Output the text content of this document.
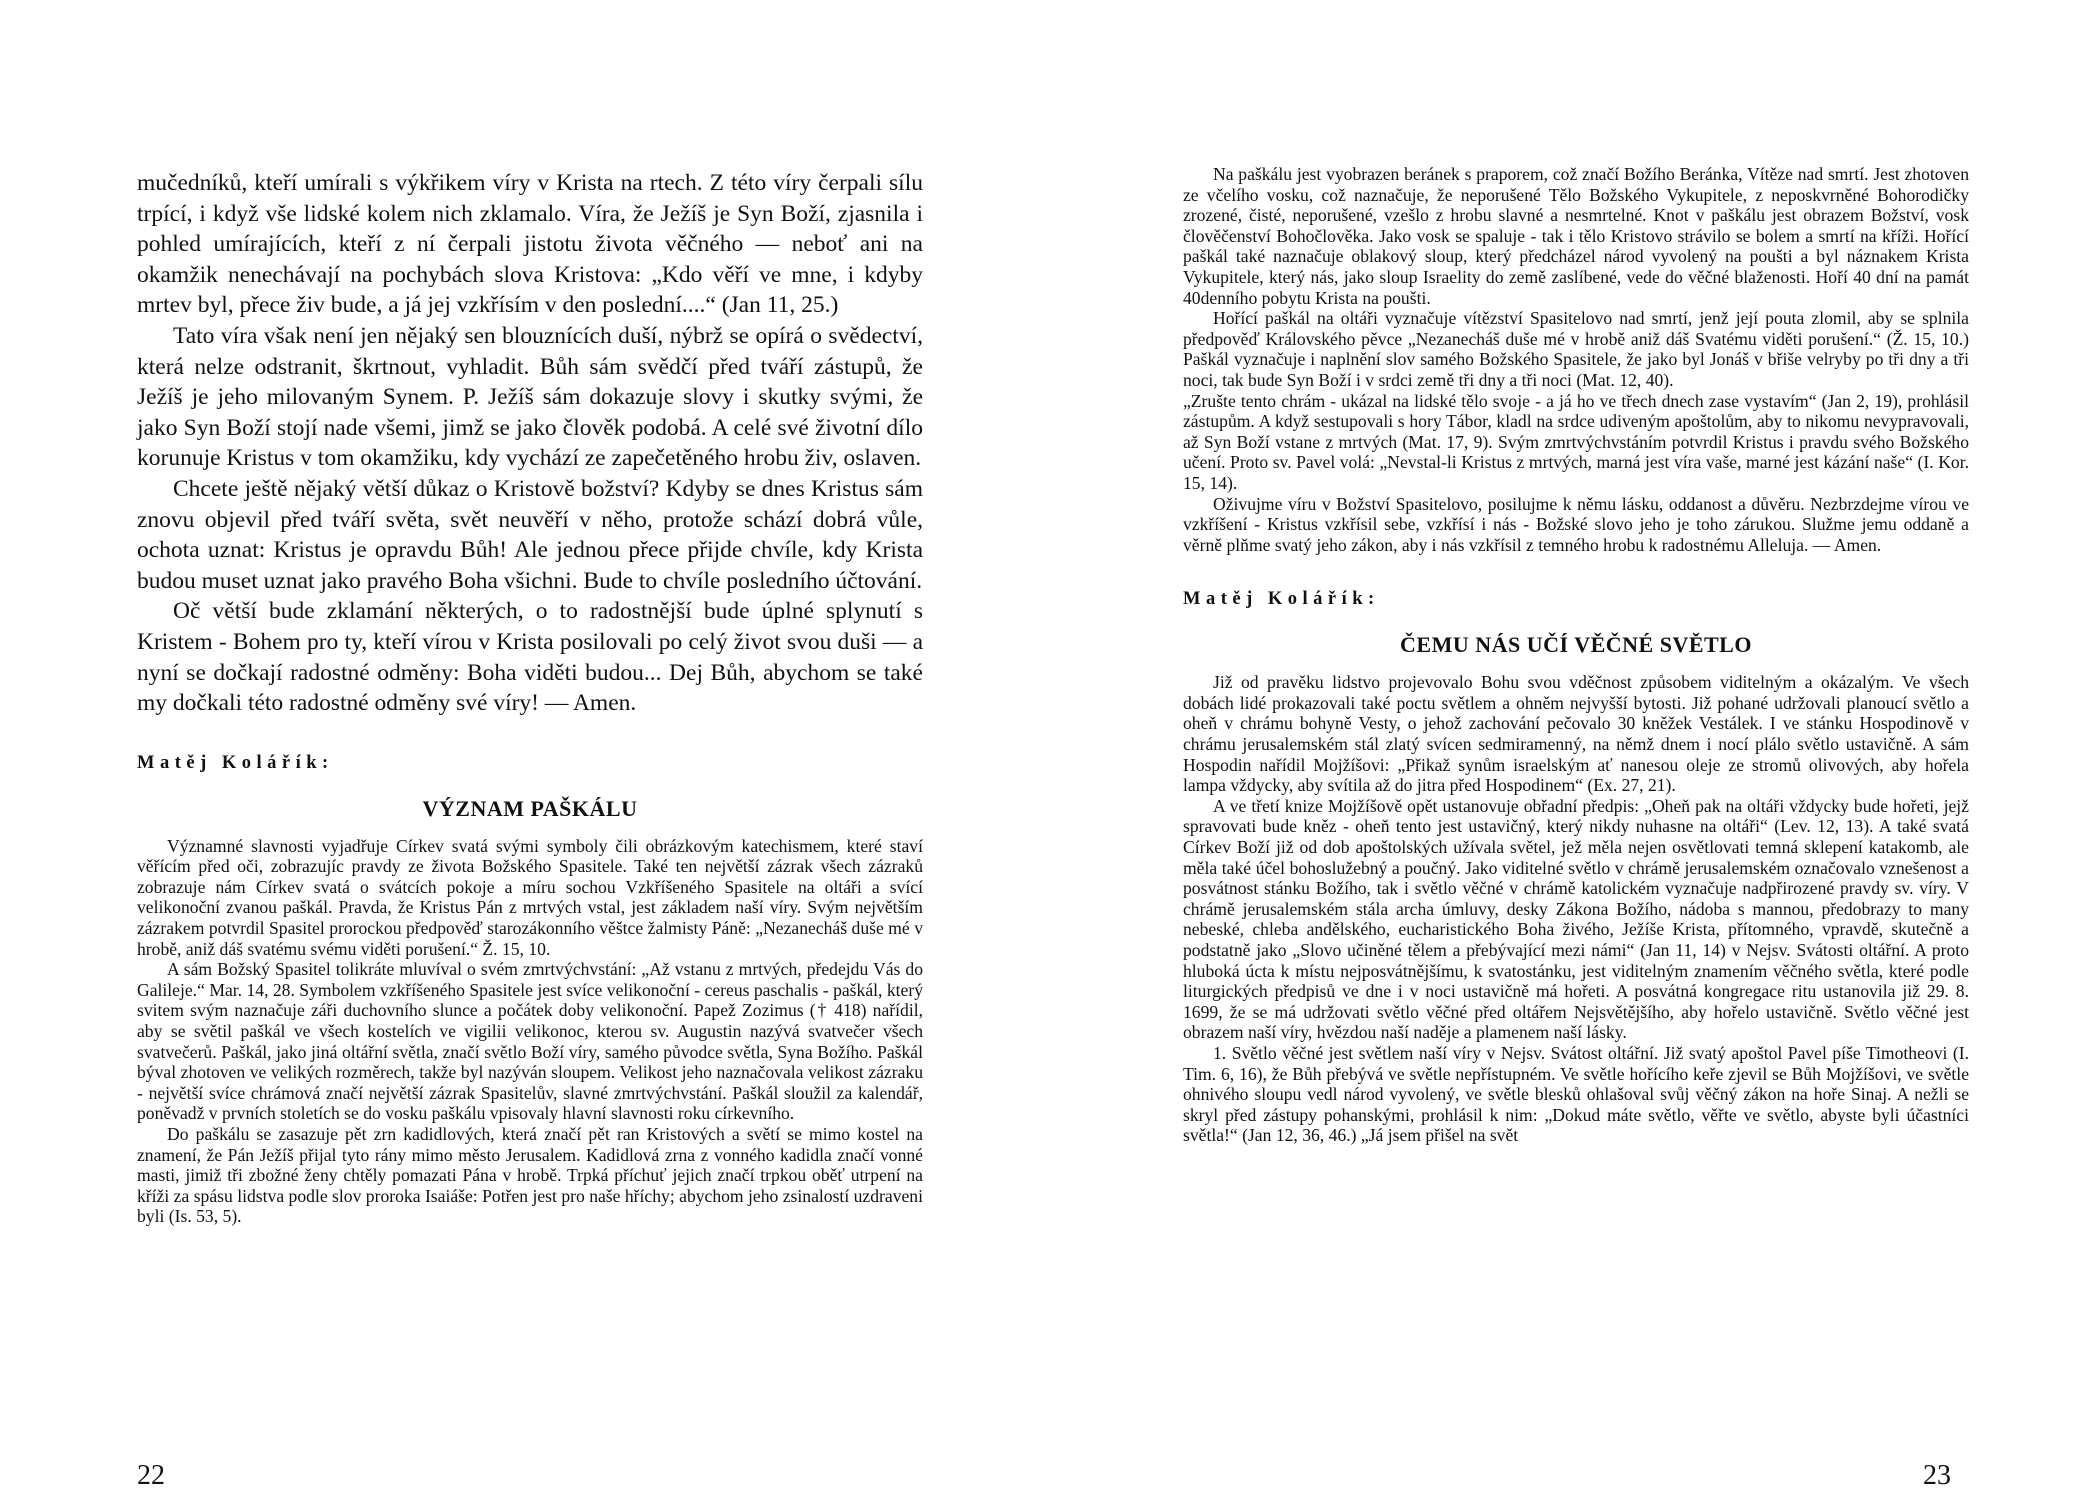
mučedníků, kteří umírali s výkřikem víry v Krista na rtech. Z této víry čerpali sílu trpící, i když vše lidské kolem nich zklamalo. Víra, že Ježíš je Syn Boží, zjasnila i pohled umírajících, kteří z ní čerpali jistotu života věčného — neboť ani na okamžik nenechávají na pochybách slova Kristova: „Kdo věří ve mne, i kdyby mrtev byl, přece živ bude, a já jej vzkřísím v den poslední....“ (Jan 11, 25.)

Tato víra však není jen nějaký sen blouznících duší, nýbrž se opírá o svědectví, která nelze odstranit, škrtnout, vyhladit. Bůh sám svědčí před tváří zástupů, že Ježíš je jeho milovaným Synem. P. Ježíš sám dokazuje slovy i skutky svými, že jako Syn Boží stojí nade všemi, jimž se jako člověk podobá. A celé své životní dílo korunuje Kristus v tom okamžiku, kdy vychází ze zapečetěného hrobu živ, oslaven.

Chcete ještě nějaký větší důkaz o Kristově božství? Kdyby se dnes Kristus sám znovu objevil před tváří světa, svět neuvěří v něho, protože schází dobrá vůle, ochota uznat: Kristus je opravdu Bůh! Ale jednou přece přijde chvíle, kdy Krista budou muset uznat jako pravého Boha všichni. Bude to chvíle posledního účtování.

Oč větší bude zklamání některých, o to radostnější bude úplné splynutí s Kristem - Bohem pro ty, kteří vírou v Krista posilovali po celý život svou duši — a nyní se dočkají radostné odměny: Boha viděti budou... Dej Bůh, abychom se také my dočkali této radostné odměny své víry! — Amen.

Matěj Kolářík:
VÝZNAM PAŠKÁLU

Významné slavnosti vyjadřuje Církev svatá svými symboly čili obrázkovým katechismem, které staví věřícím před oči, zobrazujíc pravdy ze života Božského Spasitele. Také ten největší zázrak všech zázraků zobrazuje nám Církev svatá o svátcích pokoje a míru sochou Vzkříšeného Spasitele na oltáři a svící velikonoční zvanou paškál. Pravda, že Kristus Pán z mrtvých vstal, jest základem naší víry. Svým největším zázrakem potvrdil Spasitel prorockou předpověď starozákonního věštce žalmisty Páně: „Nezanecháš duše mé v hrobě, aniž dáš svatému svému viděti porušení.“ Ž. 15, 10.

A sám Božský Spasitel tolikráte mluvíval o svém zmrtvýchvstání: „Až vstanu z mrtvých, předejdu Vás do Galileje.“ Mar. 14, 28. Symbolem vzkříšeného Spasitele jest svíce velikonoční - cereus paschalis - paškál, který svitem svým naznačuje záři duchovního slunce a počátek doby velikonoční. Papež Zozimus († 418) nařídil, aby se světil paškál ve všech kostelích ve vigilii velikonoc, kterou sv. Augustin nazývá svatvečer všech svatvečerů. Paškál, jako jiná oltářní světla, značí světlo Boží víry, samého původce světla, Syna Božího. Paškál býval zhotoven ve velikých rozměrech, takže byl nazýván sloupem. Velikost jeho naznačovala velikost zázraku - největší svíce chrámová značí největší zázrak Spasitelův, slavné zmrtvýchvstání. Paškál sloužil za kalendář, poněvadž v prvních stoletích se do vosku paškálu vpisovaly hlavní slavnosti roku církevního.

Do paškálu se zasazuje pět zrn kadidlových, která značí pět ran Kristových a světí se mimo kostel na znamení, že Pán Ježíš přijal tyto rány mimo město Jerusalem. Kadidlová zrna z vonného kadidla značí vonné masti, jimiž tři zbožné ženy chtěly pomazati Pána v hrobě. Trpká příchuť jejich značí trpkou oběť utrpení na kříži za spásu lidstva podle slov proroka Isaiáše: Potřen jest pro naše hříchy; abychom jeho zsinalostí uzdraveni byli (Is. 53, 5).

22

Na paškálu jest vyobrazen beránek s praporem, což značí Božího Beránka, Vítěze nad smrtí. Jest zhotoven ze včelího vosku, což naznačuje, že neporušené Tělo Božského Vykupitele, z neposkvrněné Bohorodičky zrozené, čisté, neporušené, vzešlo z hrobu slavné a nesmrtelné. Knot v paškálu jest obrazem Božství, vosk člověčenství Bohočlověka. Jako vosk se spaluje - tak i tělo Kristovo strávilo se bolem a smrtí na kříži. Hořící paškál také naznačuje oblakový sloup, který předcházel národ vyvolený na poušti a byl náznakem Krista Vykupitele, který nás, jako sloup Israelity do země zaslíbené, vede do věčné blaženosti. Hoří 40 dní na památ 40denního pobytu Krista na poušti.

Hořící paškál na oltáři vyznačuje vítězství Spasitelovo nad smrtí, jenž její pouta zlomil, aby se splnila předpověď Královského pěvce „Nezanecháš duše mé v hrobě aniž dáš Svatému viděti porušení.“ (Ž. 15, 10.) Paškál vyznačuje i naplnění slov samého Božského Spasitele, že jako byl Jonáš v břiše velryby po tři dny a tři noci, tak bude Syn Boží i v srdci země tři dny a tři noci (Mat. 12, 40).

„Zrušte tento chrám - ukázal na lidské tělo svoje - a já ho ve třech dnech zase vystavím“ (Jan 2, 19), prohlásil zástupům. A když sestupovali s hory Tábor, kladl na srdce udiveným apoštolům, aby to nikomu nevypravovali, až Syn Boží vstane z mrtvých (Mat. 17, 9). Svým zmrtvýchvstáním potvrdil Kristus i pravdu svého Božského učení. Proto sv. Pavel volá: „Nevstal-li Kristus z mrtvých, marná jest víra vaše, marné jest kázání naše“ (I. Kor. 15, 14).

Oživujme víru v Božství Spasitelovo, posilujme k němu lásku, oddanost a důvěru. Nezbrzdejme vírou ve vzkříšení - Kristus vzkřísil sebe, vzkřísí i nás - Božské slovo jeho je toho zárukou. Služme jemu oddaně a věrně plňme svatý jeho zákon, aby i nás vzkřísil z temného hrobu k radostnému Alleluja. — Amen.

Matěj Kolářík:
ČEMU NÁS UČÍ VĚČNÉ SVĚTLO

Již od pravěku lidstvo projevovalo Bohu svou vděčnost způsobem viditelným a okázalým. Ve všech dobách lidé prokazovali také poctu světlem a ohněm nejvyšší bytosti. Již pohané udržovali planoucí světlo a oheň v chrámu bohyně Vesty, o jehož zachování pečovalo 30 kněžek Vestálek. I ve stánku Hospodinově v chrámu jerusalemském stál zlatý svícen sedmiramenný, na němž dnem i nocí plálo světlo ustavičně. A sám Hospodin nařídil Mojžíšovi: „Přikaž synům israelským ať nanesou oleje ze stromů olivových, aby hořela lampa vždycky, aby svítila až do jitra před Hospodinem“ (Ex. 27, 21).

A ve třetí knize Mojžíšově opět ustanovuje obřadní předpis: „Oheň pak na oltáři vždycky bude hořeti, jejž spravovati bude kněz - oheň tento jest ustavičný, který nikdy nuhasne na oltáři“ (Lev. 12, 13). A také svatá Církev Boží již od dob apoštolských užívala světel, jež měla nejen osvětlovati temná sklepení katakomb, ale měla také účel bohoslužebný a poučný. Jako viditelné světlo v chrámě jerusalemském označovalo vznešenost a posvátnost stánku Božího, tak i světlo věčné v chrámě katolickém vyznačuje nadpřirozené pravdy sv. víry. V chrámě jerusalemském stála archa úmluvy, desky Zákona Božího, nádoba s mannou, předobrazy to many nebeské, chleba andělského, eucharistického Boha živého, Ježíše Krista, přítomného, vpravdě, skutečně a podstatně jako „Slovo učiněné tělem a přebývající mezi námi“ (Jan 11, 14) v Nejsv. Svátosti oltářní. A proto hluboká úcta k místu nejposvátnějšímu, k svatostánku, jest viditelným znamením věčného světla, které podle liturgických předpisů ve dne i v noci ustavičně má hořeti. A posvátná kongregace ritu ustanovila již 29. 8. 1699, že se má udržovati světlo věčné před oltářem Nejsvětějšího, aby hořelo ustavičně. Světlo věčné jest obrazem naší víry, hvězdou naší naděje a plamenem naší lásky.

1. Světlo věčné jest světlem naší víry v Nejsv. Svátost oltářní. Již svatý apoštol Pavel píše Timotheovi (I. Tim. 6, 16), že Bůh přebývá ve světle nepřístupném. Ve světle hořícího keře zjevil se Bůh Mojžíšovi, ve světle ohnivého sloupu vedl národ vyvolený, ve světle blesků ohlašoval svůj věčný zákon na hoře Sinaj. A nežli se skryl před zástupy pohanskými, prohlásil k nim: „Dokud máte světlo, věřte ve světlo, abyste byli účastníci světla!“ (Jan 12, 36, 46.) „Já jsem přišel na svět

23
